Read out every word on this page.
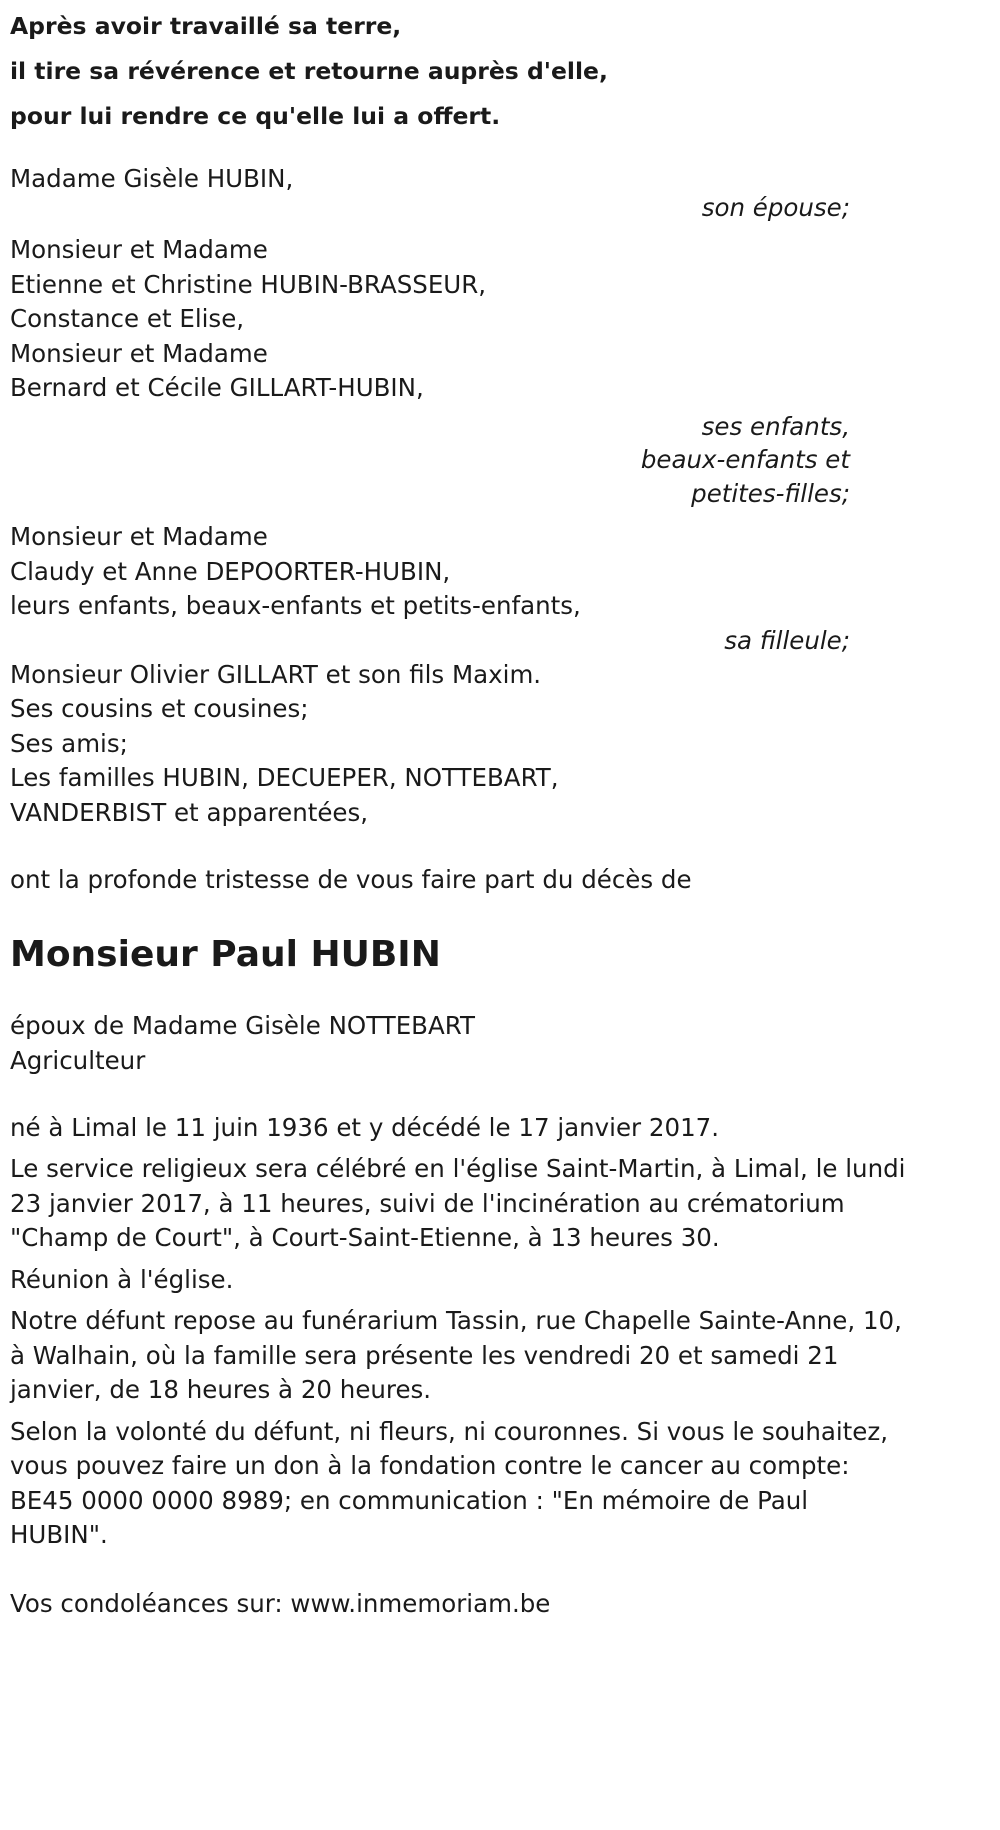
Après avoir travaillé sa terre,
il tire sa révérence et retourne auprès d'elle,
pour lui rendre ce qu'elle lui a offert.
Madame Gisèle HUBIN,
son épouse;
Monsieur et Madame
Etienne et Christine HUBIN-BRASSEUR,
Constance et Elise,
Monsieur et Madame
Bernard et Cécile GILLART-HUBIN,
ses enfants, beaux-enfants et petites-filles;
Monsieur et Madame
Claudy et Anne DEPOORTER-HUBIN,
leurs enfants, beaux-enfants et petits-enfants,
sa filleule;
Monsieur Olivier GILLART et son fils Maxim.
Ses cousins et cousines;
Ses amis;
Les familles HUBIN, DECUEPER, NOTTEBART,
VANDERBIST et apparentées,
ont la profonde tristesse de vous faire part du décès de
Monsieur Paul HUBIN
époux de Madame Gisèle NOTTEBART
Agriculteur
né à Limal le 11 juin 1936 et y décédé le 17 janvier 2017.
Le service religieux sera célébré en l'église Saint-Martin, à Limal, le lundi
23 janvier 2017, à 11 heures, suivi de l'incinération au crématorium
"Champ de Court", à Court-Saint-Etienne, à 13 heures 30.
Réunion à l'église.
Notre défunt repose au funérarium Tassin, rue Chapelle Sainte-Anne, 10,
à Walhain, où la famille sera présente les vendredi 20 et samedi 21
janvier, de 18 heures à 20 heures.
Selon la volonté du défunt, ni fleurs, ni couronnes. Si vous le souhaitez,
vous pouvez faire un don à la fondation contre le cancer au compte:
BE45 0000 0000 8989; en communication : "En mémoire de Paul
HUBIN".
Vos condoléances sur: www.inmemoriam.be
